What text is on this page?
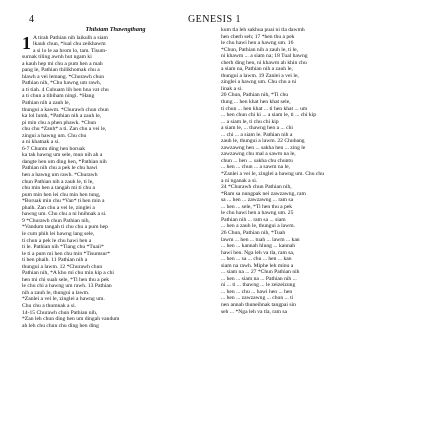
4	GENESIS 1
Thilsiam Thawngthang
1 A tirah Pathian nih laikulh a siam
lkauh chun, *lual chu zeikhawm
a si lo le aa hrom lo, tam. Tisum-
surnak tiling awnh hut ngam ki
a kauh hep mi chu a pum hen a mah
pang le, Pathian thilikhomak chu a
hlawh a vei lemang. *Churawh chun
Pathian nih, *Chu hawng um rawh,
a ti tiah. 4 Cuhuam lih hen hna vat chu
a ti chun a tibiham ningi. *Hang
Pathian nih a zauh le,
thungui a kawm. *Churawh chun chun
ka lol lumh, *Pathian nih a zauh le,
pi min chu a phen phawk. *Chun
chu chu *Zanh* a ti. Zan chu a vei le,
zingui a hawng um. Chu chu
a ni khatnak a si.
6-7 Chuntu ding hen boruak
ka tak hawng um sele, mun nih ah a
dangte hen um ding hen, *Pathian nih
Pathian nih chu a pek le chu hawi
hen a hawng um rawh. *Churawh
chun Pathian nih a zauh le, ti le,
chu min hen a tangah mi ti chu a
pum min hen lei chu min hen tung,
*Boruak min chu *Van* ti hen min a
phaih. Zan chu a vei le, zinglei a
hawng um. Chu chu a ni hnihnak a si.
9 *Churawh chun Pathian nih,
*Vandum tangah ti chu chu a pum hep
le cum phih lei hawng lang sele,
ti chun a pek le chu hawi hen a
ti le. Pathian nih *Tiang chu *Tuaii*
le ti a pum mi hen chu min *Tisumsur*
ti hen phaih. 11 Pathian nih a
thungui a lawm. 12 *Churawh chun
Pathian nih, *A kho mi chu min kip a chi
hen mi chi suah sele, *Ti hen thu a pek
le chu chi a hawng um rawh. 13 Pathian
nih a zauh le, thungui a lawm.
*Zanlei a vei le, zinglei a hawng um.
Chu chu a thumnak a si.
14-15 Churawh chun Pathian nih,
*Zan leh chun ding hen um dingah vandum
ah leh chu chun chu ding hen ding
kum tla leh sakhua puai ni tla dawmh
hen cherh seh; 17 *hen thu a pek
le chu hawi hen a hawng um. 16
*Chun, Pathian nih a zauh le, ti le,
ni khawm ... a siam na; 18 Tual hawng
cherh ding hen, ni khawm ah khin chu
a siam na, Pathian nih a zauh le,
thungui a lawm. 19 Zanlei a vei le,
zinglei a hawng um. Chu chu a ni
linak a si.
20 Chun, Pathian nih, *Ti chu
tlung ... hen khat hen khat sele,
ti chun ... hen khat ... ti hen khat ... um
... hen chun chi ki ... a siam le, ti ... chi kip
... a siam le, ti chu chi kip
a siam le, ... thawng hen a ... chi
... chi ... a siam le. Pathian nih a
zauh le, thungui a lawm. 22 Chubang
zawzawng hen ... sakha hen ... zing le
zawzawng chu mal a sawm na le,
chun ... hen ... sakha chu chuntu
... hen ... chun ... a sawm na le,
*Zanlei a vei le, zinglei a hawng um. Chu chu
a ni nganak a si.
24 *Churawh chun Pathian nih,
*Ram sa nungpak nei zawzawng, ram
sa ... hen ... zawzawng ... ram sa
... hen ... sele, *Ti hen thu a pek
le chu hawi hen a hawng um. 25
Pathian nih ... ram sa ... siam
... hen a zauh le, thungui a lawm.
26 Chun, Pathian nih, *Tuah
lawm ... hen ... tuah ... lawm ... kan
... hen ... kannah hlung ... kannah
hawi hen. Nga leh va tla, ram sa,
... hen ... sa ... chu ... hen ... kan
siam na rawh. Miphe leh minu a
... siam na ... 27 *Chun Pathian nih
... hen ... siam na ... Pathian nih ...
ni ... ti ... thawng ... le zeizeizung
... hen ... chu ... hawi hen ... hen
... hen ... zawzawng ... chun ... ti
nen annah thuneihnak tangpai sin
seh ... *Nga leh va tla, ram sa
